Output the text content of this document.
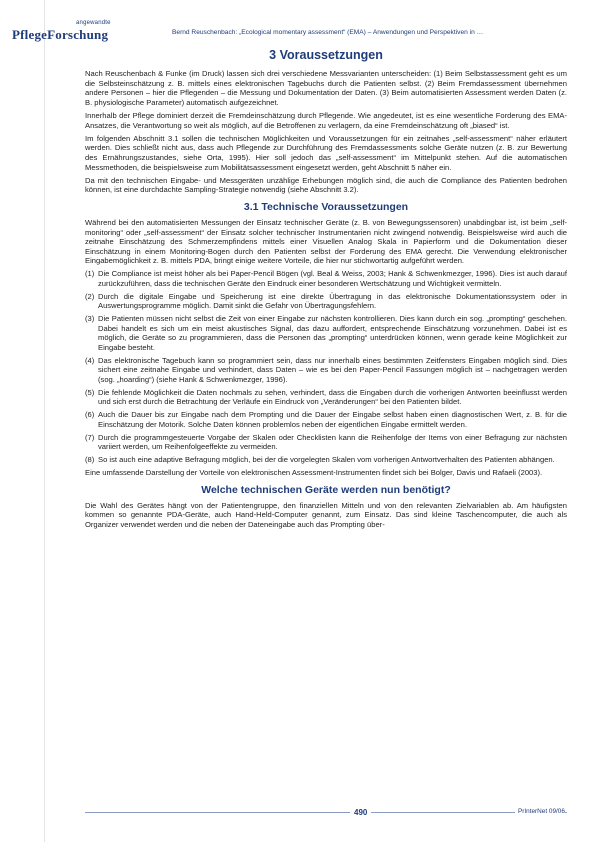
PflegeForschung
angewandte
Bernd Reuschenbach: „Ecological momentary assessment“ (EMA) – Anwendungen und Perspektiven in …
3 Voraussetzungen

Nach Reuschenbach & Funke (im Druck) lassen sich drei verschiedene Messvarianten unterscheiden: (1) Beim Selbstassessment geht es um die Selbsteinschätzung z. B. mittels eines elektronischen Tagebuchs durch die Patienten selbst. (2) Beim Fremdassessment übernehmen andere Personen – hier die Pflegenden – die Messung und Dokumentation der Daten. (3) Beim automatisierten Assessment werden Daten (z. B. physiologische Parameter) automatisch aufgezeichnet.

Innerhalb der Pflege dominiert derzeit die Fremdeinschätzung durch Pflegende. Wie angedeutet, ist es eine wesentliche Forderung des EMA-Ansatzes, die Verantwortung so weit als möglich, auf die Betroffenen zu verlagern, da eine Fremdeinschätzung oft „biased“ ist.

Im folgenden Abschnitt 3.1 sollen die technischen Möglichkeiten und Voraussetzungen für ein zeitnahes „self-assessment“ näher erläutert werden. Dies schließt nicht aus, dass auch Pflegende zur Durchführung des Fremdassessments solche Geräte nutzen (z. B. zur Bewertung des Ernährungszustandes, siehe Orta, 1995). Hier soll jedoch das „self-assessment“ im Mittelpunkt stehen. Auf die automatischen Messmethoden, die beispielsweise zum Mobilitätsassessment eingesetzt werden, geht Abschnitt 5 näher ein.

Da mit den technischen Eingabe- und Messgeräten unzählige Erhebungen möglich sind, die auch die Compliance des Patienten bedrohen können, ist eine durchdachte Sampling-Strategie notwendig (siehe Abschnitt 3.2).

3.1 Technische Voraussetzungen

Während bei den automatisierten Messungen der Einsatz technischer Geräte (z. B. von Bewegungssensoren) unabdingbar ist, ist beim „self-monitoring“ oder „self-assessment“ der Einsatz solcher technischer Instrumentarien nicht zwingend notwendig. Beispielsweise wird auch die zeitnahe Einschätzung des Schmerzempfindens mittels einer Visuellen Analog Skala in Papierform und die Dokumentation dieser Einschätzung in einem Monitoring-Bogen durch den Patienten selbst der Forderung des EMA gerecht. Die Verwendung elektronischer Eingabemöglichkeit z. B. mittels PDA, bringt einige weitere Vorteile, die hier nur stichwortartig aufgeführt werden.

(1) Die Compliance ist meist höher als bei Paper-Pencil Bögen (vgl. Beal & Weiss, 2003; Hank & Schwenkmezger, 1996). Dies ist auch darauf zurückzuführen, dass die technischen Geräte den Eindruck einer besonderen Wertschätzung und Wichtigkeit vermitteln.
(2) Durch die digitale Eingabe und Speicherung ist eine direkte Übertragung in das elektronische Dokumentationssystem oder in Auswertungsprogramme möglich. Damit sinkt die Gefahr von Übertragungsfehlern.
(3) Die Patienten müssen nicht selbst die Zeit von einer Eingabe zur nächsten kontrollieren. Dies kann durch ein sog. „prompting“ geschehen. Dabei handelt es sich um ein meist akustisches Signal, das dazu auffordert, entsprechende Einschätzung vorzunehmen. Dabei ist es möglich, die Geräte so zu programmieren, dass die Personen das „prompting“ unterdrücken können, wenn gerade keine Möglichkeit zur Eingabe besteht.
(4) Das elektronische Tagebuch kann so programmiert sein, dass nur innerhalb eines bestimmten Zeitfensters Eingaben möglich sind. Dies sichert eine zeitnahe Eingabe und verhindert, dass Daten – wie es bei den Paper-Pencil Fassungen möglich ist – nachgetragen werden (sog. „hoarding“) (siehe Hank & Schwenkmezger, 1996).
(5) Die fehlende Möglichkeit die Daten nochmals zu sehen, verhindert, dass die Eingaben durch die vorherigen Antworten beeinflusst werden und sich erst durch die Betrachtung der Verläufe ein Eindruck von „Veränderungen“ bei den Patienten bildet.
(6) Auch die Dauer bis zur Eingabe nach dem Prompting und die Dauer der Eingabe selbst haben einen diagnostischen Wert, z. B. für die Einschätzung der Motorik. Solche Daten können problemlos neben der eigentlichen Eingabe ermittelt werden.
(7) Durch die programmgesteuerte Vorgabe der Skalen oder Checklisten kann die Reihenfolge der Items von einer Befragung zur nächsten variiert werden, um Reihenfolgeeffekte zu vermeiden.
(8) So ist auch eine adaptive Befragung möglich, bei der die vorgelegten Skalen vom vorherigen Antwortverhalten des Patienten abhängen.

Eine umfassende Darstellung der Vorteile von elektronischen Assessment-Instrumenten findet sich bei Bolger, Davis und Rafaeli (2003).

Welche technischen Geräte werden nun benötigt?

Die Wahl des Gerätes hängt von der Patientengruppe, den finanziellen Mitteln und von den relevanten Zielvariablen ab. Am häufigsten kommen so genannte PDA-Geräte, auch Hand-Held-Computer genannt, zum Einsatz. Das sind kleine Taschencomputer, die auch als Organizer verwendet werden und die neben der Dateneingabe auch das Prompting über-

490	PrInterNet 09/06
